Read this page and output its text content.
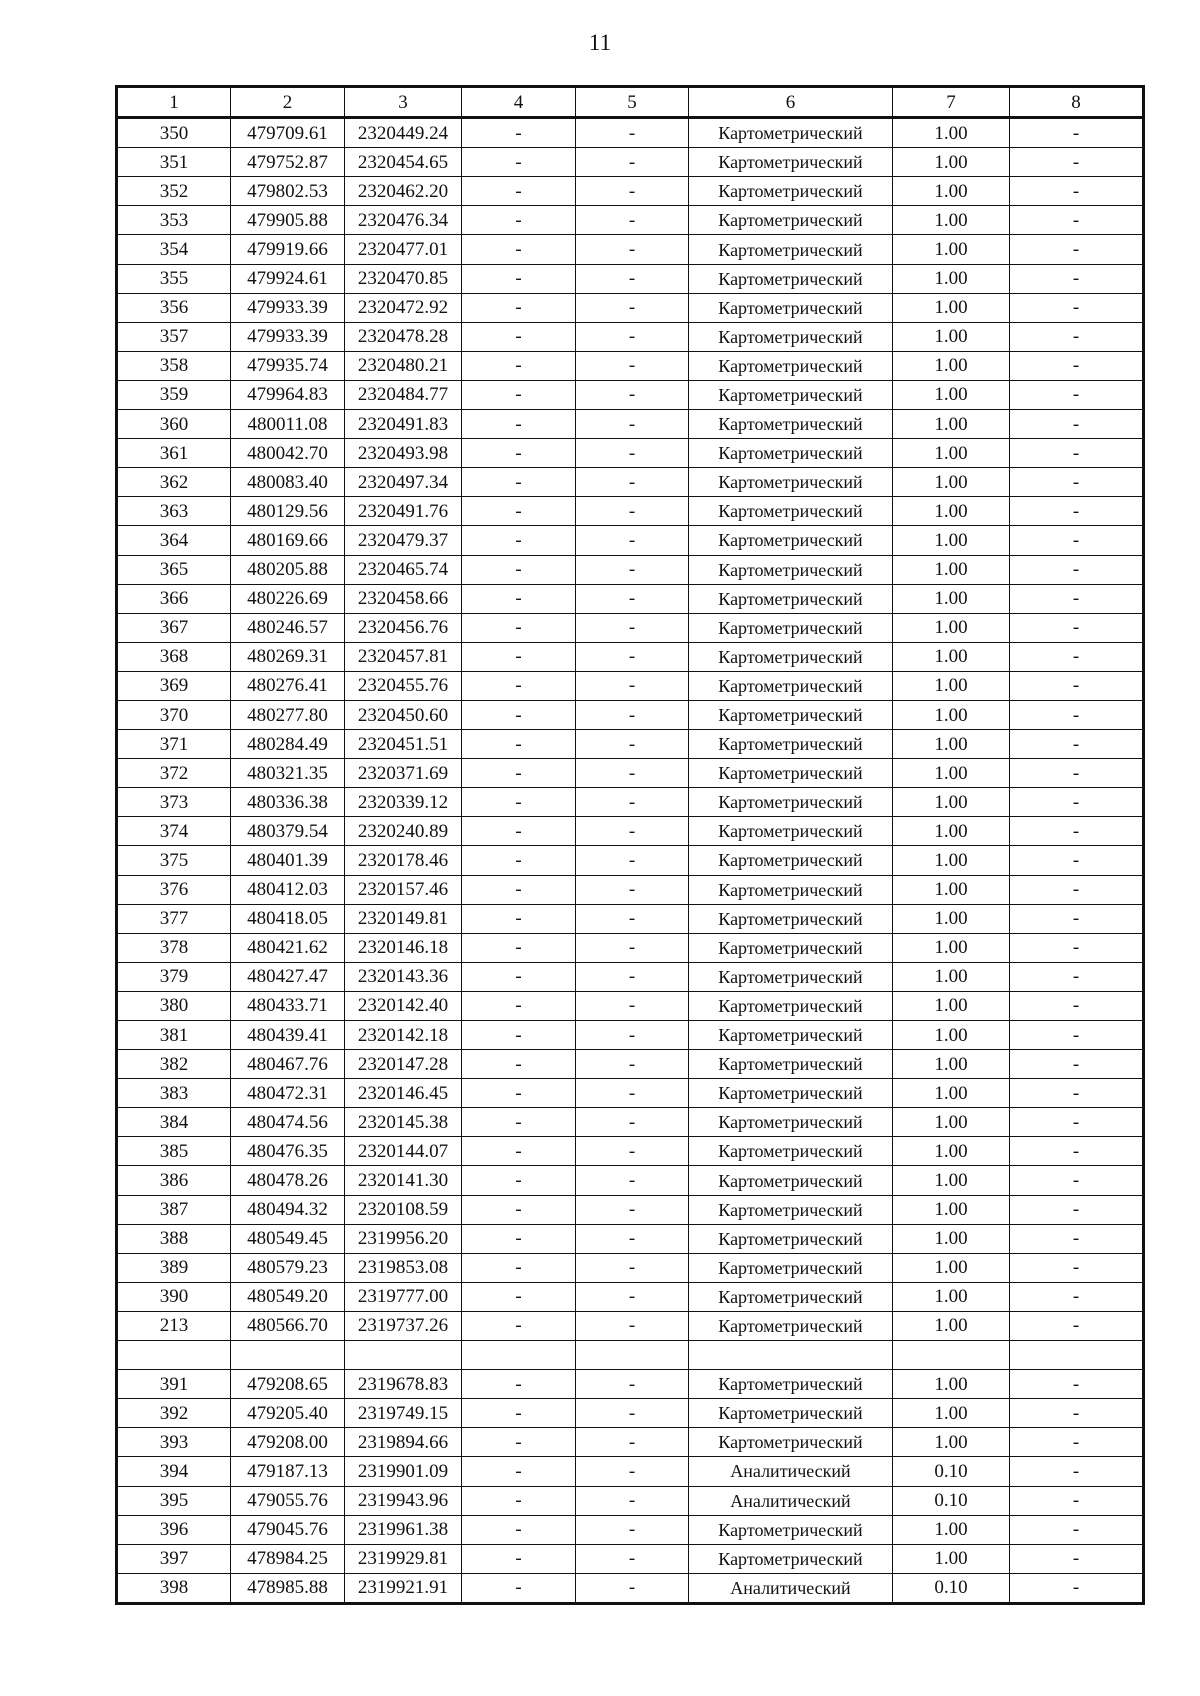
11
1	2	3	4	5	6	7	8
350	479709.61	2320449.24	-	-	Картометрический	1.00	-
351	479752.87	2320454.65	-	-	Картометрический	1.00	-
352	479802.53	2320462.20	-	-	Картометрический	1.00	-
353	479905.88	2320476.34	-	-	Картометрический	1.00	-
354	479919.66	2320477.01	-	-	Картометрический	1.00	-
355	479924.61	2320470.85	-	-	Картометрический	1.00	-
356	479933.39	2320472.92	-	-	Картометрический	1.00	-
357	479933.39	2320478.28	-	-	Картометрический	1.00	-
358	479935.74	2320480.21	-	-	Картометрический	1.00	-
359	479964.83	2320484.77	-	-	Картометрический	1.00	-
360	480011.08	2320491.83	-	-	Картометрический	1.00	-
361	480042.70	2320493.98	-	-	Картометрический	1.00	-
362	480083.40	2320497.34	-	-	Картометрический	1.00	-
363	480129.56	2320491.76	-	-	Картометрический	1.00	-
364	480169.66	2320479.37	-	-	Картометрический	1.00	-
365	480205.88	2320465.74	-	-	Картометрический	1.00	-
366	480226.69	2320458.66	-	-	Картометрический	1.00	-
367	480246.57	2320456.76	-	-	Картометрический	1.00	-
368	480269.31	2320457.81	-	-	Картометрический	1.00	-
369	480276.41	2320455.76	-	-	Картометрический	1.00	-
370	480277.80	2320450.60	-	-	Картометрический	1.00	-
371	480284.49	2320451.51	-	-	Картометрический	1.00	-
372	480321.35	2320371.69	-	-	Картометрический	1.00	-
373	480336.38	2320339.12	-	-	Картометрический	1.00	-
374	480379.54	2320240.89	-	-	Картометрический	1.00	-
375	480401.39	2320178.46	-	-	Картометрический	1.00	-
376	480412.03	2320157.46	-	-	Картометрический	1.00	-
377	480418.05	2320149.81	-	-	Картометрический	1.00	-
378	480421.62	2320146.18	-	-	Картометрический	1.00	-
379	480427.47	2320143.36	-	-	Картометрический	1.00	-
380	480433.71	2320142.40	-	-	Картометрический	1.00	-
381	480439.41	2320142.18	-	-	Картометрический	1.00	-
382	480467.76	2320147.28	-	-	Картометрический	1.00	-
383	480472.31	2320146.45	-	-	Картометрический	1.00	-
384	480474.56	2320145.38	-	-	Картометрический	1.00	-
385	480476.35	2320144.07	-	-	Картометрический	1.00	-
386	480478.26	2320141.30	-	-	Картометрический	1.00	-
387	480494.32	2320108.59	-	-	Картометрический	1.00	-
388	480549.45	2319956.20	-	-	Картометрический	1.00	-
389	480579.23	2319853.08	-	-	Картометрический	1.00	-
390	480549.20	2319777.00	-	-	Картометрический	1.00	-
213	480566.70	2319737.26	-	-	Картометрический	1.00	-

391	479208.65	2319678.83	-	-	Картометрический	1.00	-
392	479205.40	2319749.15	-	-	Картометрический	1.00	-
393	479208.00	2319894.66	-	-	Картометрический	1.00	-
394	479187.13	2319901.09	-	-	Аналитический	0.10	-
395	479055.76	2319943.96	-	-	Аналитический	0.10	-
396	479045.76	2319961.38	-	-	Картометрический	1.00	-
397	478984.25	2319929.81	-	-	Картометрический	1.00	-
398	478985.88	2319921.91	-	-	Аналитический	0.10	-
